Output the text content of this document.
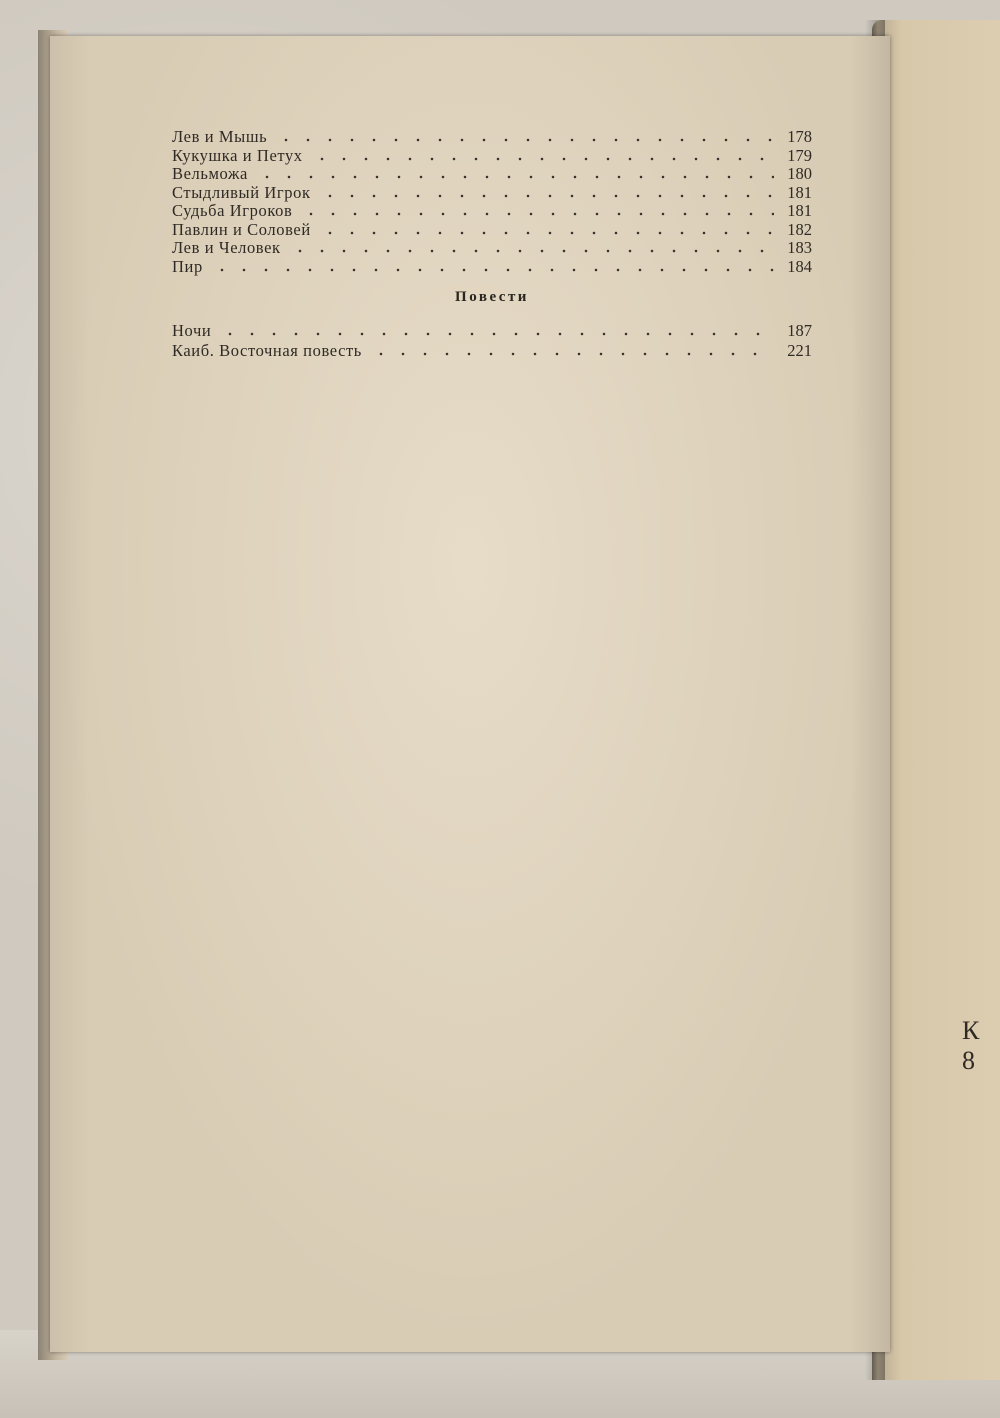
К 8
Лев и Мышь	178
Кукушка и Петух	179
Вельможа	180
Стыдливый Игрок	181
Судьба Игроков	181
Павлин и Соловей	182
Лев и Человек	183
Пир	184
Повести
Ночи	187
Каиб. Восточная повесть	221
